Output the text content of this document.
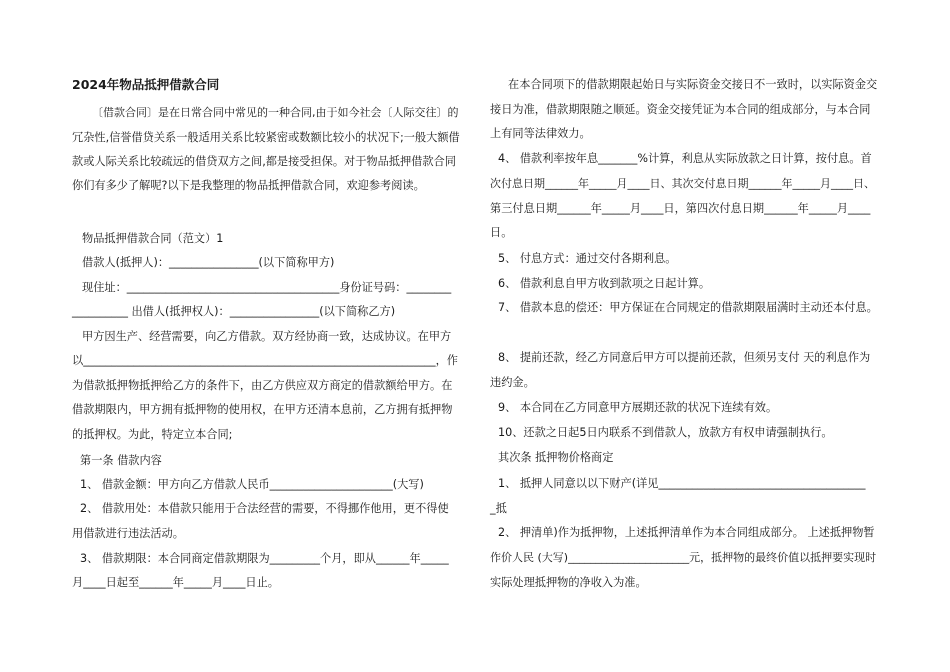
2024年物品抵押借款合同

〔借款合同〕是在日常合同中常见的一种合同,由于如今社会〔人际交往〕的

冗杂性,信誉借贷关系一般适用关系比较紧密或数额比较小的状况下;一般大额借

款或人际关系比较疏远的借贷双方之间,都是接受担保。对于物品抵押借款合同

你们有多少了解呢?以下是我整理的物品抵押借款合同，欢迎参考阅读。

物品抵押借款合同（范文）1

借款人(抵押人)：________________(以下简称甲方)

现住址：______________________________________身份证号码：________

__________ 出借人(抵押权人)：________________(以下简称乙方)

甲方因生产、经营需要，向乙方借款。双方经协商一致，达成协议。在甲方

以_______________________________________________________________，作

为借款抵押物抵押给乙方的条件下，由乙方供应双方商定的借款额给甲方。在

借款期限内，甲方拥有抵押物的使用权，在甲方还清本息前，乙方拥有抵押物

的抵押权。为此，特定立本合同;

第一条 借款内容

1、 借款金额：甲方向乙方借款人民币______________________(大写)

2、 借款用处：本借款只能用于合法经营的需要，不得挪作他用，更不得使

用借款进行违法活动。

3、 借款期限：本合同商定借款期限为_________个月，即从______年_____

月____日起至______年_____月____日止。

在本合同项下的借款期限起始日与实际资金交接日不一致时，以实际资金交

接日为准，借款期限随之顺延。资金交接凭证为本合同的组成部分，与本合同

上有同等法律效力。

4、 借款利率按年息_______%计算，利息从实际放款之日计算，按付息。首

次付息日期______年_____月____日、其次交付息日期______年_____月____日、

第三付息日期______年_____月____日，第四次付息日期______年_____月____

日。

5、 付息方式：通过交付各期利息。

6、 借款利息自甲方收到款项之日起计算。

7、 借款本息的偿还：甲方保证在合同规定的借款期限届满时主动还本付息。

8、 提前还款，经乙方同意后甲方可以提前还款，但须另支付 天的利息作为

违约金。

9、 本合同在乙方同意甲方展期还款的状况下连续有效。

10、还款之日起5日内联系不到借款人，放款方有权申请强制执行。

其次条 抵押物价格商定

1、 抵押人同意以以下财产(详见_____________________________________

_抵

2、 押清单)作为抵押物，上述抵押清单作为本合同组成部分。 上述抵押物暂

作价人民 (大写)______________________元，抵押物的最终价值以抵押要实现时

实际处理抵押物的净收入为准。
